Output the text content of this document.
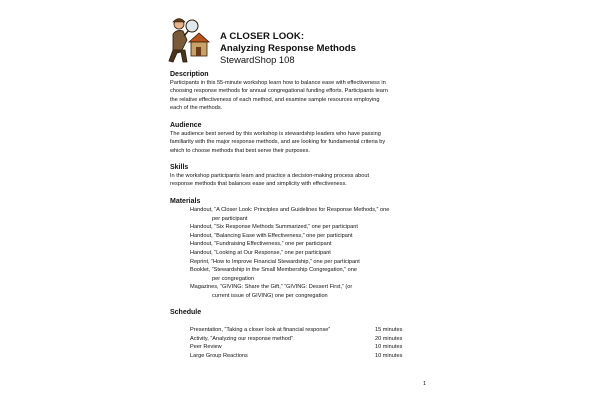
A CLOSER LOOK:
Analyzing Response Methods
StewardShop 108
Description
Participants in this 55-minute workshop learn how to balance ease with effectiveness in
choosing response methods for annual congregational funding efforts. Participants learn
the relative effectiveness of each method, and examine sample resources employing
each of the methods.
Audience
The audience best served by this workshop is stewardship leaders who have passing
familiarity with the major response methods, and are looking for fundamental criteria by
which to choose methods that best serve their purposes.
Skills
In the workshop participants learn and practice a decision-making process about
response methods that balances ease and simplicity with effectiveness.
Materials
Handout, “A Closer Look: Principles and Guidelines for Response Methods,” one
per participant
Handout, “Six Response Methods Summarized,” one per participant
Handout, “Balancing Ease with Effectiveness,” one per participant
Handout, “Fundraising Effectiveness,” one per participant
Handout, “Looking at Our Response,” one per participant
Reprint, “How to Improve Financial Stewardship,” one per participant
Booklet, “Stewardship in the Small Membership Congregation,” one
per congregation
Magazines, “GIVING: Share the Gift,” “GIVING: Dessert First,” (or
current issue of GIVING) one per congregation
Schedule
Presentation, “Taking a closer look at financial response”	15 minutes
Activity, “Analyzing our response method”	20 minutes
Peer Review	10 minutes
Large Group Reactions	10 minutes
1
